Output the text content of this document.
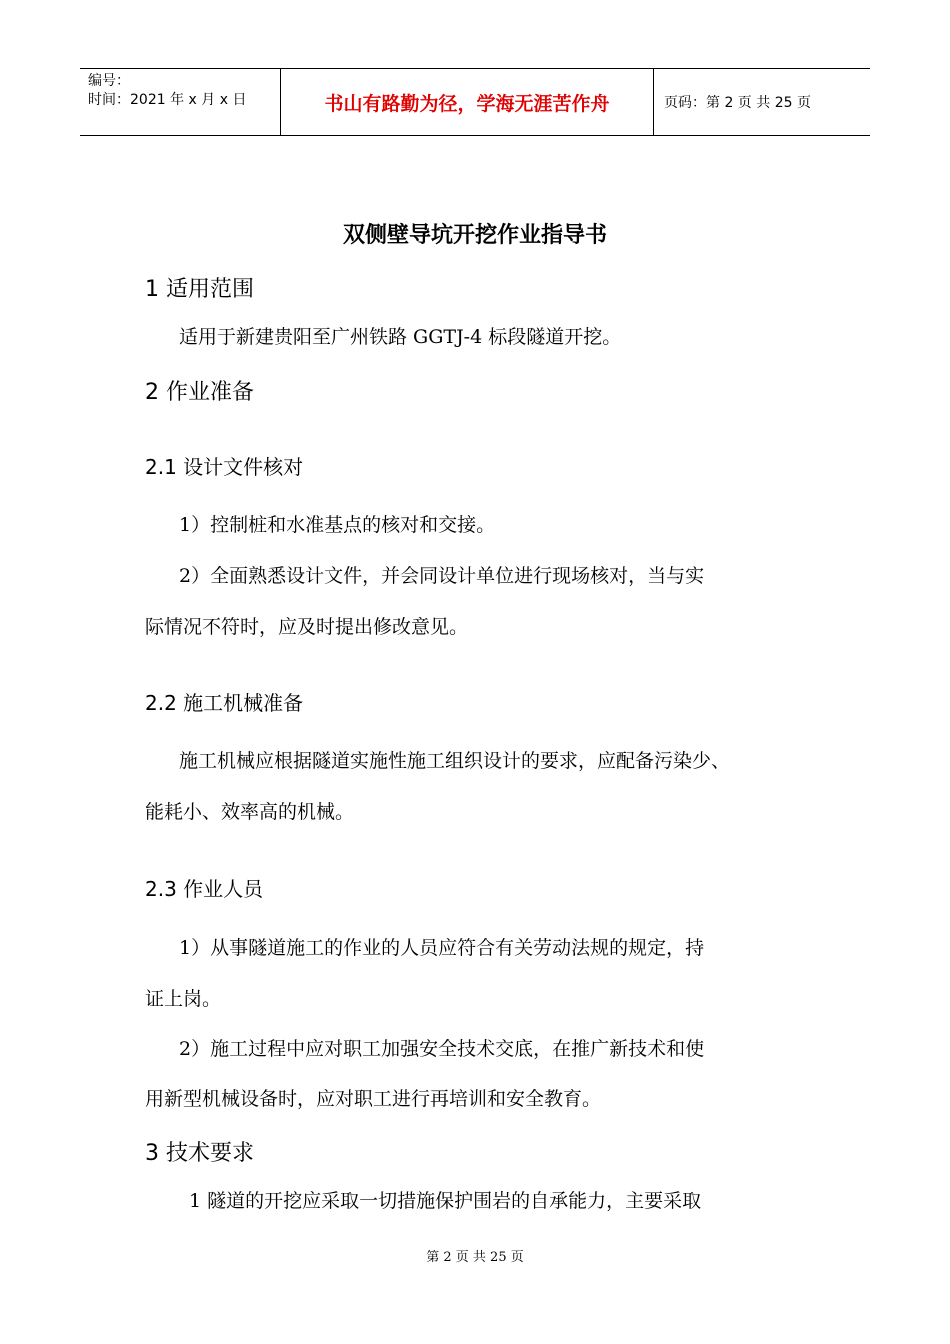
编号：
时间：2021 年 x 月 x 日	书山有路勤为径，学海无涯苦作舟	页码：第 2 页 共 25 页
双侧壁导坑开挖作业指导书
1 适用范围
适用于新建贵阳至广州铁路 GGTJ-4 标段隧道开挖。
2 作业准备
2.1 设计文件核对
1）控制桩和水准基点的核对和交接。
2）全面熟悉设计文件，并会同设计单位进行现场核对，当与实
际情况不符时，应及时提出修改意见。
2.2 施工机械准备
施工机械应根据隧道实施性施工组织设计的要求，应配备污染少、
能耗小、效率高的机械。
2.3 作业人员
1）从事隧道施工的作业的人员应符合有关劳动法规的规定，持
证上岗。
2）施工过程中应对职工加强安全技术交底，在推广新技术和使
用新型机械设备时，应对职工进行再培训和安全教育。
3 技术要求
1 隧道的开挖应采取一切措施保护围岩的自承能力，主要采取
第 2 页 共 25 页
